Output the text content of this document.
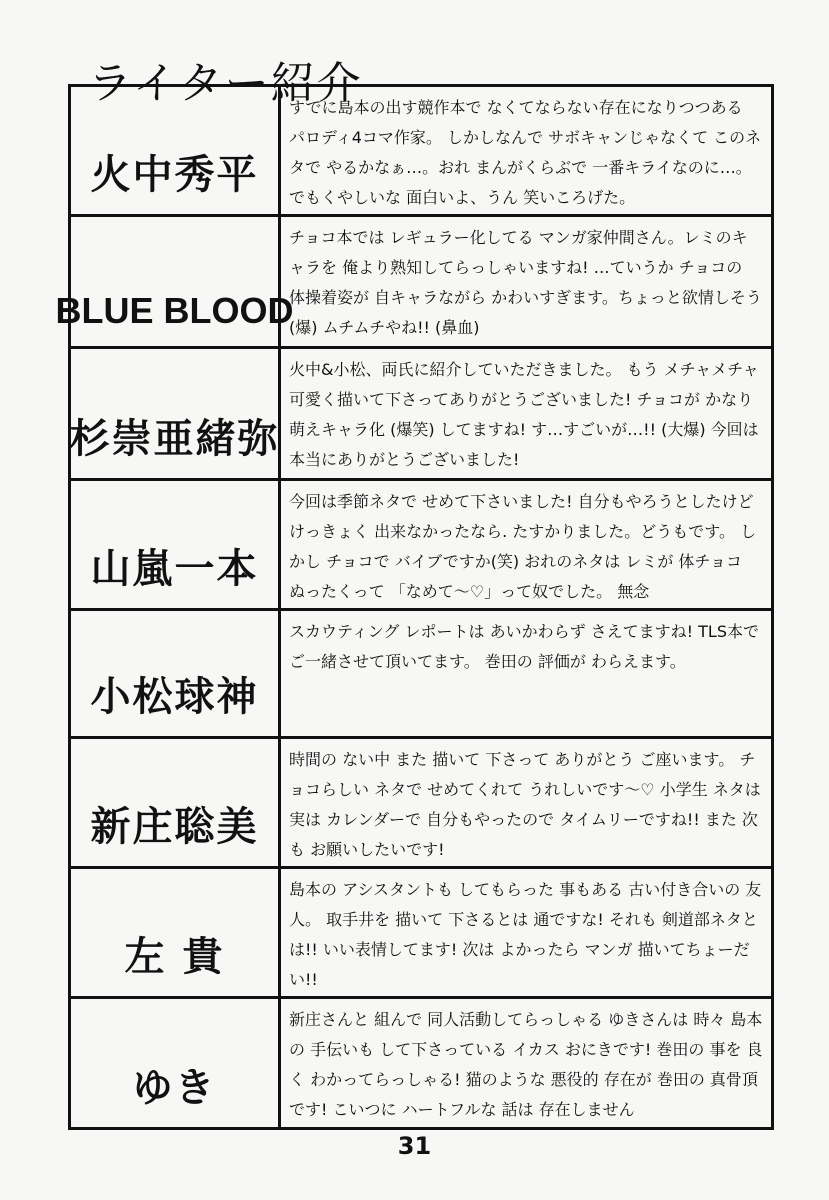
ライター紹介
火中秀平
すでに島本の出す競作本で なくてならない存在になりつつある パロディ4コマ作家。 しかしなんで サボキャンじゃなくて このネタで やるかなぁ…。おれ まんがくらぶで 一番キライなのに…。でもくやしいな 面白いよ、うん 笑いころげた。
BLUE BLOOD
チョコ本では レギュラー化してる マンガ家仲間さん。レミのキャラを 俺より熟知してらっしゃいますね! …ていうか チョコの 体操着姿が 自キャラながら かわいすぎます。ちょっと欲情しそう (爆) ムチムチやね!! (鼻血)
杉崇亜緒弥
火中&小松、両氏に紹介していただきました。 もう メチャメチャ 可愛く描いて下さってありがとうございました! チョコが かなり萌えキャラ化 (爆笑) してますね! す…すごいが…!! (大爆) 今回は本当にありがとうございました!
山嵐一本
今回は季節ネタで せめて下さいました! 自分もやろうとしたけど けっきょく 出来なかったなら. たすかりました。どうもです。 しかし チョコで バイブですか(笑) おれのネタは レミが 体チョコ ぬったくって 「なめて〜♡」って奴でした。 無念
小松球神
スカウティング レポートは あいかわらず さえてますね! TLS本で ご一緒させて頂いてます。 巻田の 評価が わらえます。
新庄聡美
時間の ない中 また 描いて 下さって ありがとう ご座います。 チョコらしい ネタで せめてくれて うれしいです〜♡ 小学生 ネタは 実は カレンダーで 自分もやったので タイムリーですね!! また 次も お願いしたいです!
左 貴
島本の アシスタントも してもらった 事もある 古い付き合いの 友人。 取手井を 描いて 下さるとは 通ですな! それも 剣道部ネタとは!! いい表情してます! 次は よかったら マンガ 描いてちょーだい!!
ゆき
新庄さんと 組んで 同人活動してらっしゃる ゆきさんは 時々 島本の 手伝いも して下さっている イカス おにきです! 巻田の 事を 良く わかってらっしゃる! 猫のような 悪役的 存在が 巻田の 真骨頂です! こいつに ハートフルな 話は 存在しません
31
